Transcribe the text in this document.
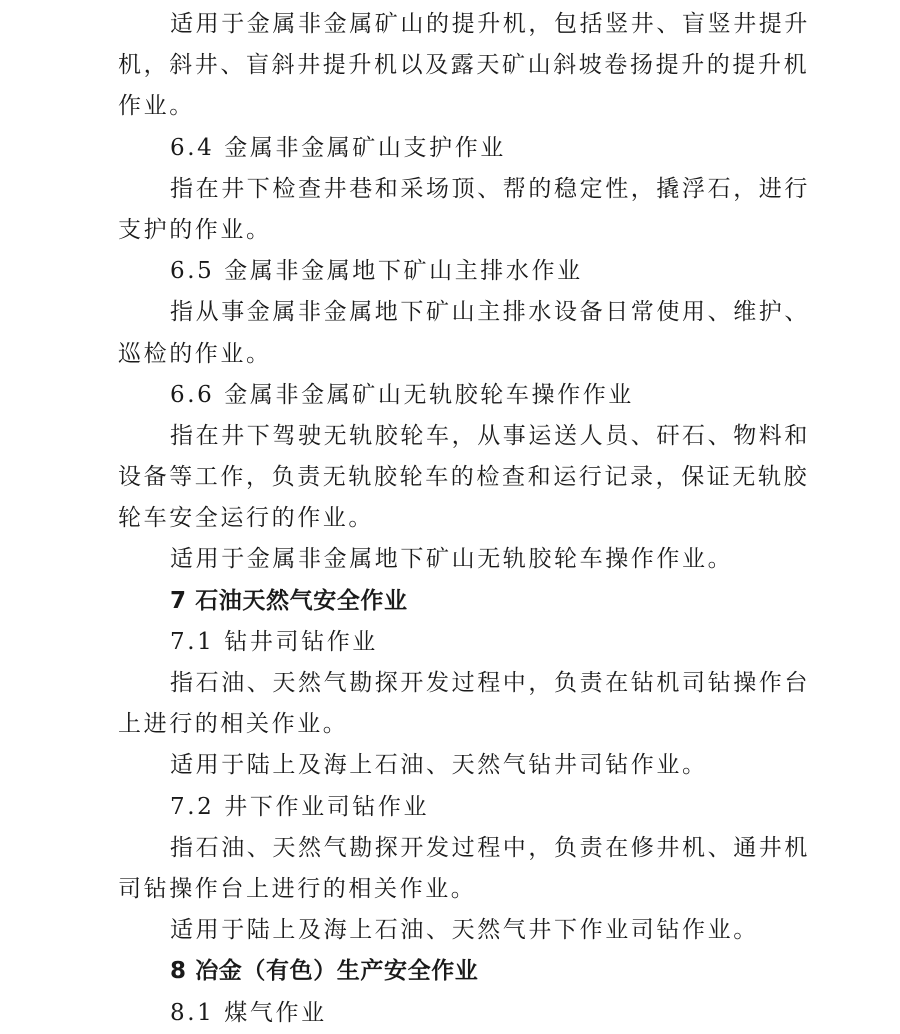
适用于金属非金属矿山的提升机，包括竖井、盲竖井提升
机，斜井、盲斜井提升机以及露天矿山斜坡卷扬提升的提升机
作业。
6.4 金属非金属矿山支护作业
指在井下检查井巷和采场顶、帮的稳定性，撬浮石，进行
支护的作业。
6.5 金属非金属地下矿山主排水作业
指从事金属非金属地下矿山主排水设备日常使用、维护、
巡检的作业。
6.6 金属非金属矿山无轨胶轮车操作作业
指在井下驾驶无轨胶轮车，从事运送人员、矸石、物料和
设备等工作，负责无轨胶轮车的检查和运行记录，保证无轨胶
轮车安全运行的作业。
适用于金属非金属地下矿山无轨胶轮车操作作业。
7 石油天然气安全作业
7.1 钻井司钻作业
指石油、天然气勘探开发过程中，负责在钻机司钻操作台
上进行的相关作业。
适用于陆上及海上石油、天然气钻井司钻作业。
7.2 井下作业司钻作业
指石油、天然气勘探开发过程中，负责在修井机、通井机
司钻操作台上进行的相关作业。
适用于陆上及海上石油、天然气井下作业司钻作业。
8 冶金（有色）生产安全作业
8.1 煤气作业
